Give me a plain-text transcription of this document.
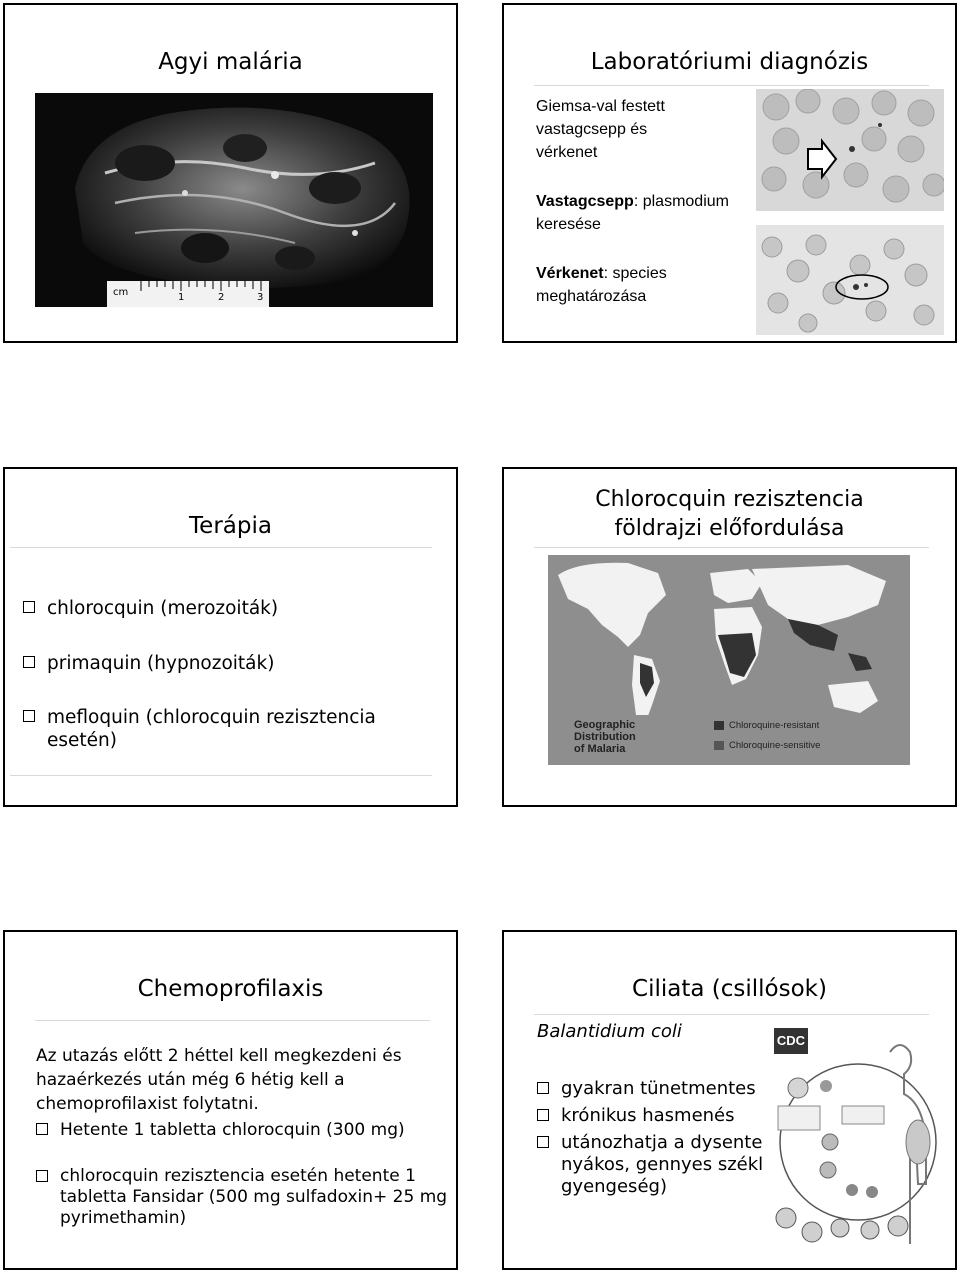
Agyi malária
cm	1	2	3
Laboratóriumi diagnózis

Giemsa-val festett vastagcsepp és vérkenet

Vastagcsepp: plasmodium keresése

Vérkenet: species meghatározása

Terápia
chlorocquin (merozoiták)
primaquin (hypnozoiták)
mefloquin (chlorocquin rezisztencia esetén)
Chlorocquin rezisztencia
földrajzi előfordulása
Geographic
Distribution
of Malaria
Chloroquine-resistant
Chloroquine-sensitive
Chemoprofilaxis

Az utazás előtt 2 héttel kell megkezdeni és hazaérkezés után még 6 hétig kell a chemoprofilaxist folytatni.

Hetente 1 tabletta chlorocquin (300 mg)
chlorocquin rezisztencia esetén hetente 1 tabletta Fansidar (500 mg sulfadoxin+ 25 mg pyrimethamin)
Ciliata (csillósok)

Balantidium coli

gyakran tünetmentes
krónikus hasmenés
utánozhatja a dysente nyákos, gennyes székl gyengeség)
CDC
